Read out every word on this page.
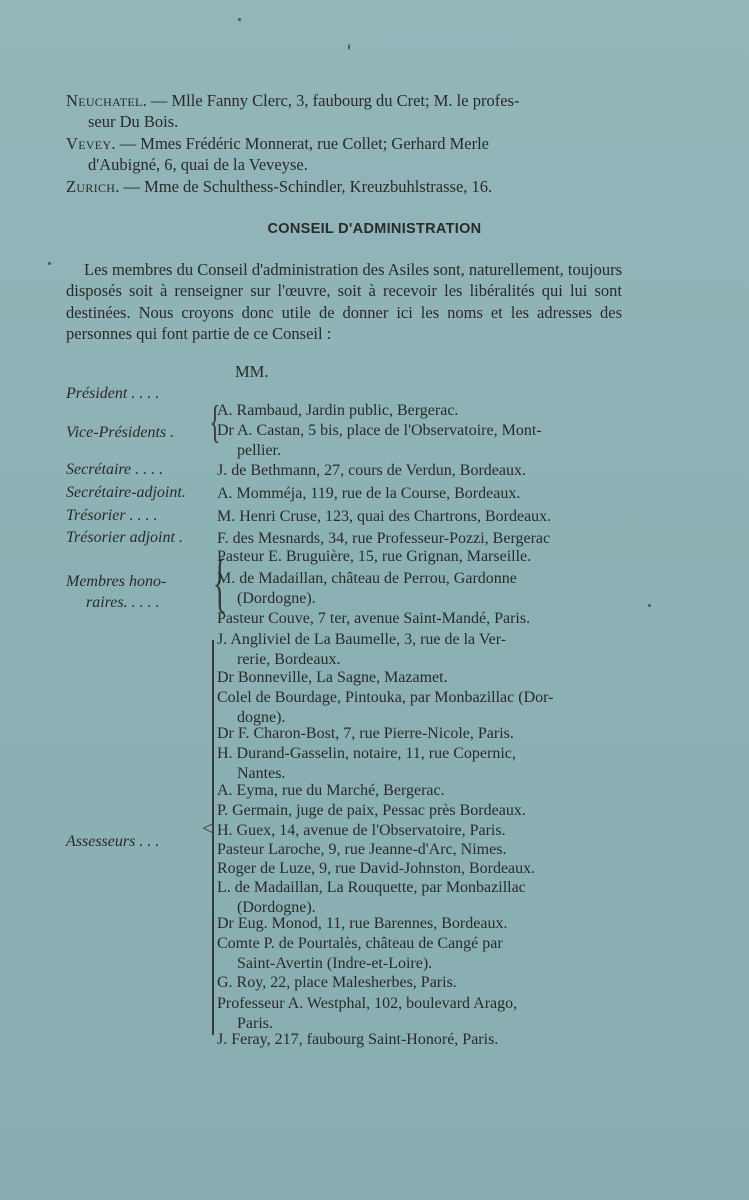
Neuchatel. — Mlle Fanny Clerc, 3, faubourg du Cret; M. le profes-
seur Du Bois.

Vevey. — Mmes Frédéric Monnerat, rue Collet; Gerhard Merle
d'Aubigné, 6, quai de la Veveyse.

Zurich. — Mme de Schulthess-Schindler, Kreuzbuhlstrasse, 16.

CONSEIL D'ADMINISTRATION

Les membres du Conseil d'administration des Asiles sont, naturellement, toujours disposés soit à renseigner sur l'œuvre, soit à recevoir les libéralités qui lui sont destinées. Nous croyons donc utile de donner ici les noms et les adresses des personnes qui font partie de ce Conseil :

MM.
Président . . . .
Vice-Présidents .
Secrétaire . . . .
Secrétaire-adjoint.
Trésorier . . . .
Trésorier adjoint .
Membres hono-
raires. . . . .
Assesseurs . . .
{
{
<
A. Rambaud, Jardin public, Bergerac.
Dr A. Castan, 5 bis, place de l'Observatoire, Mont-
pellier.
J. de Bethmann, 27, cours de Verdun, Bordeaux.
A. Momméja, 119, rue de la Course, Bordeaux.
M. Henri Cruse, 123, quai des Chartrons, Bordeaux.
F. des Mesnards, 34, rue Professeur-Pozzi, Bergerac
Pasteur E. Bruguière, 15, rue Grignan, Marseille.
M. de Madaillan, château de Perrou, Gardonne
(Dordogne).
Pasteur Couve, 7 ter, avenue Saint-Mandé, Paris.
J. Angliviel de La Baumelle, 3, rue de la Ver-
rerie, Bordeaux.
Dr Bonneville, La Sagne, Mazamet.
Colel de Bourdage, Pintouka, par Monbazillac (Dor-
dogne).
Dr F. Charon-Bost, 7, rue Pierre-Nicole, Paris.
H. Durand-Gasselin, notaire, 11, rue Copernic,
Nantes.
A. Eyma, rue du Marché, Bergerac.
P. Germain, juge de paix, Pessac près Bordeaux.
H. Guex, 14, avenue de l'Observatoire, Paris.
Pasteur Laroche, 9, rue Jeanne-d'Arc, Nimes.
Roger de Luze, 9, rue David-Johnston, Bordeaux.
L. de Madaillan, La Rouquette, par Monbazillac
(Dordogne).
Dr Eug. Monod, 11, rue Barennes, Bordeaux.
Comte P. de Pourtalès, château de Cangé par
Saint-Avertin (Indre-et-Loire).
G. Roy, 22, place Malesherbes, Paris.
Professeur A. Westphal, 102, boulevard Arago,
Paris.
J. Feray, 217, faubourg Saint-Honoré, Paris.
